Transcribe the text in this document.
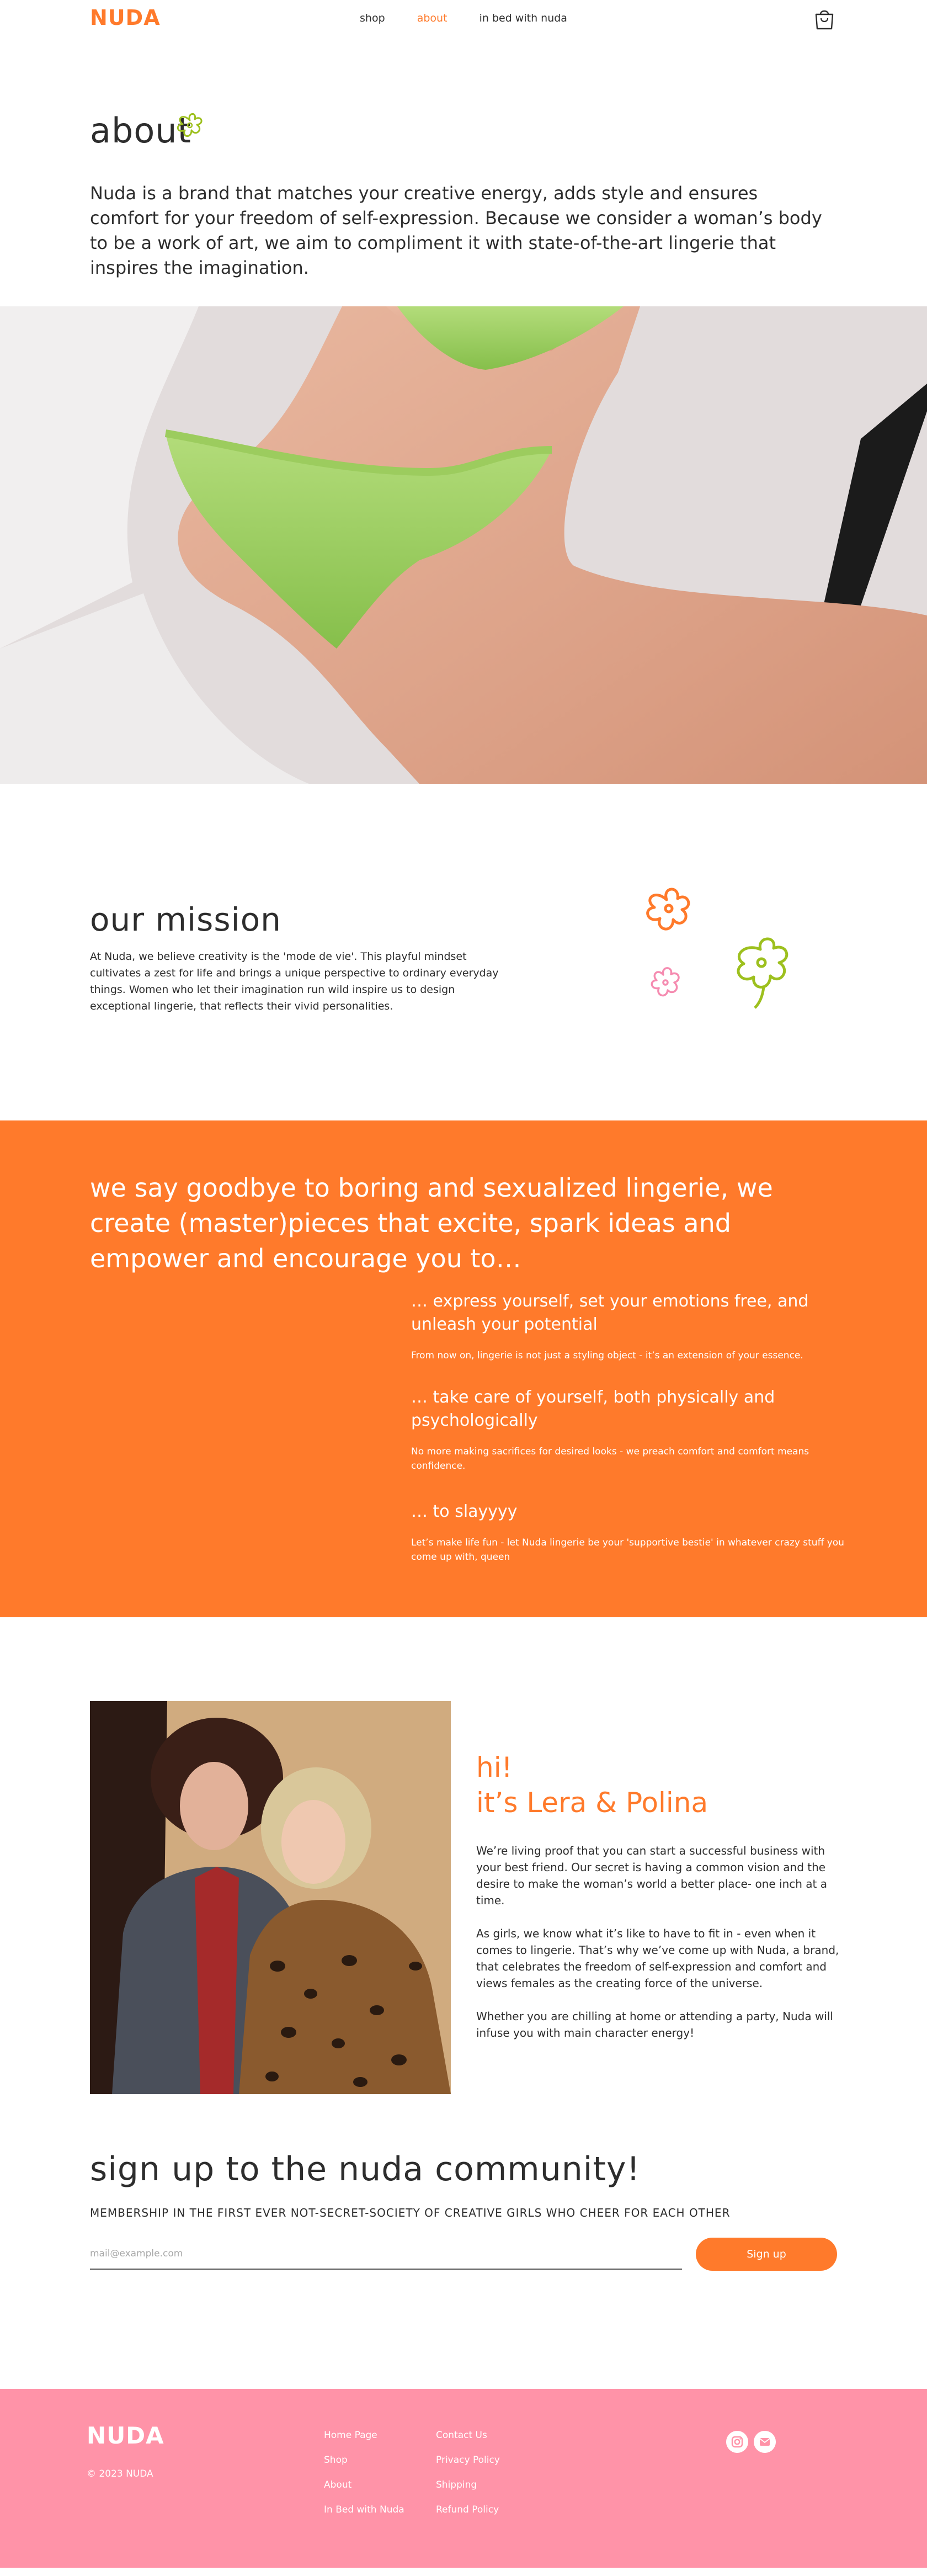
NUDA	shop	about	in bed with nuda
about

Nuda is a brand that matches your creative energy, adds style and ensures comfort for your freedom of self-expression. Because we consider a woman’s body to be a work of art, we aim to compliment it with state-of-the-art lingerie that inspires the imagination.

our mission

At Nuda, we believe creativity is the 'mode de vie'. This playful mindset cultivates a zest for life and brings a unique perspective to ordinary everyday things. Women who let their imagination run wild inspire us to design exceptional lingerie, that reflects their vivid personalities.

we say goodbye to boring and sexualized lingerie, we create (master)pieces that excite, spark ideas and empower and encourage you to…
… express yourself, set your emotions free, and unleash your potential

From now on, lingerie is not just a styling object - it’s an extension of your essence.

… take care of yourself, both physically and psychologically

No more making sacrifices for desired looks - we preach comfort and comfort means confidence.

… to slayyyy

Let’s make life fun - let Nuda lingerie be your 'supportive bestie' in whatever crazy stuff you come up with, queen

hi!
it’s Lera & Polina

We’re living proof that you can start a successful business with your best friend. Our secret is having a common vision and the desire to make the woman’s world a better place- one inch at a time.

As girls, we know what it’s like to have to fit in - even when it comes to lingerie. That’s why we’ve come up with Nuda, a brand, that celebrates the freedom of self-expression and comfort and views females as the creating force of the universe.

Whether you are chilling at home or attending a party, Nuda will infuse you with main character energy!

sign up to the nuda community!

MEMBERSHIP IN THE FIRST EVER NOT-SECRET-SOCIETY OF CREATIVE GIRLS WHO CHEER FOR EACH OTHER

mail@example.com
Sign up
NUDA
© 2023 NUDA
Home Page
Shop
About
In Bed with Nuda
Contact Us
Privacy Policy
Shipping
Refund Policy
